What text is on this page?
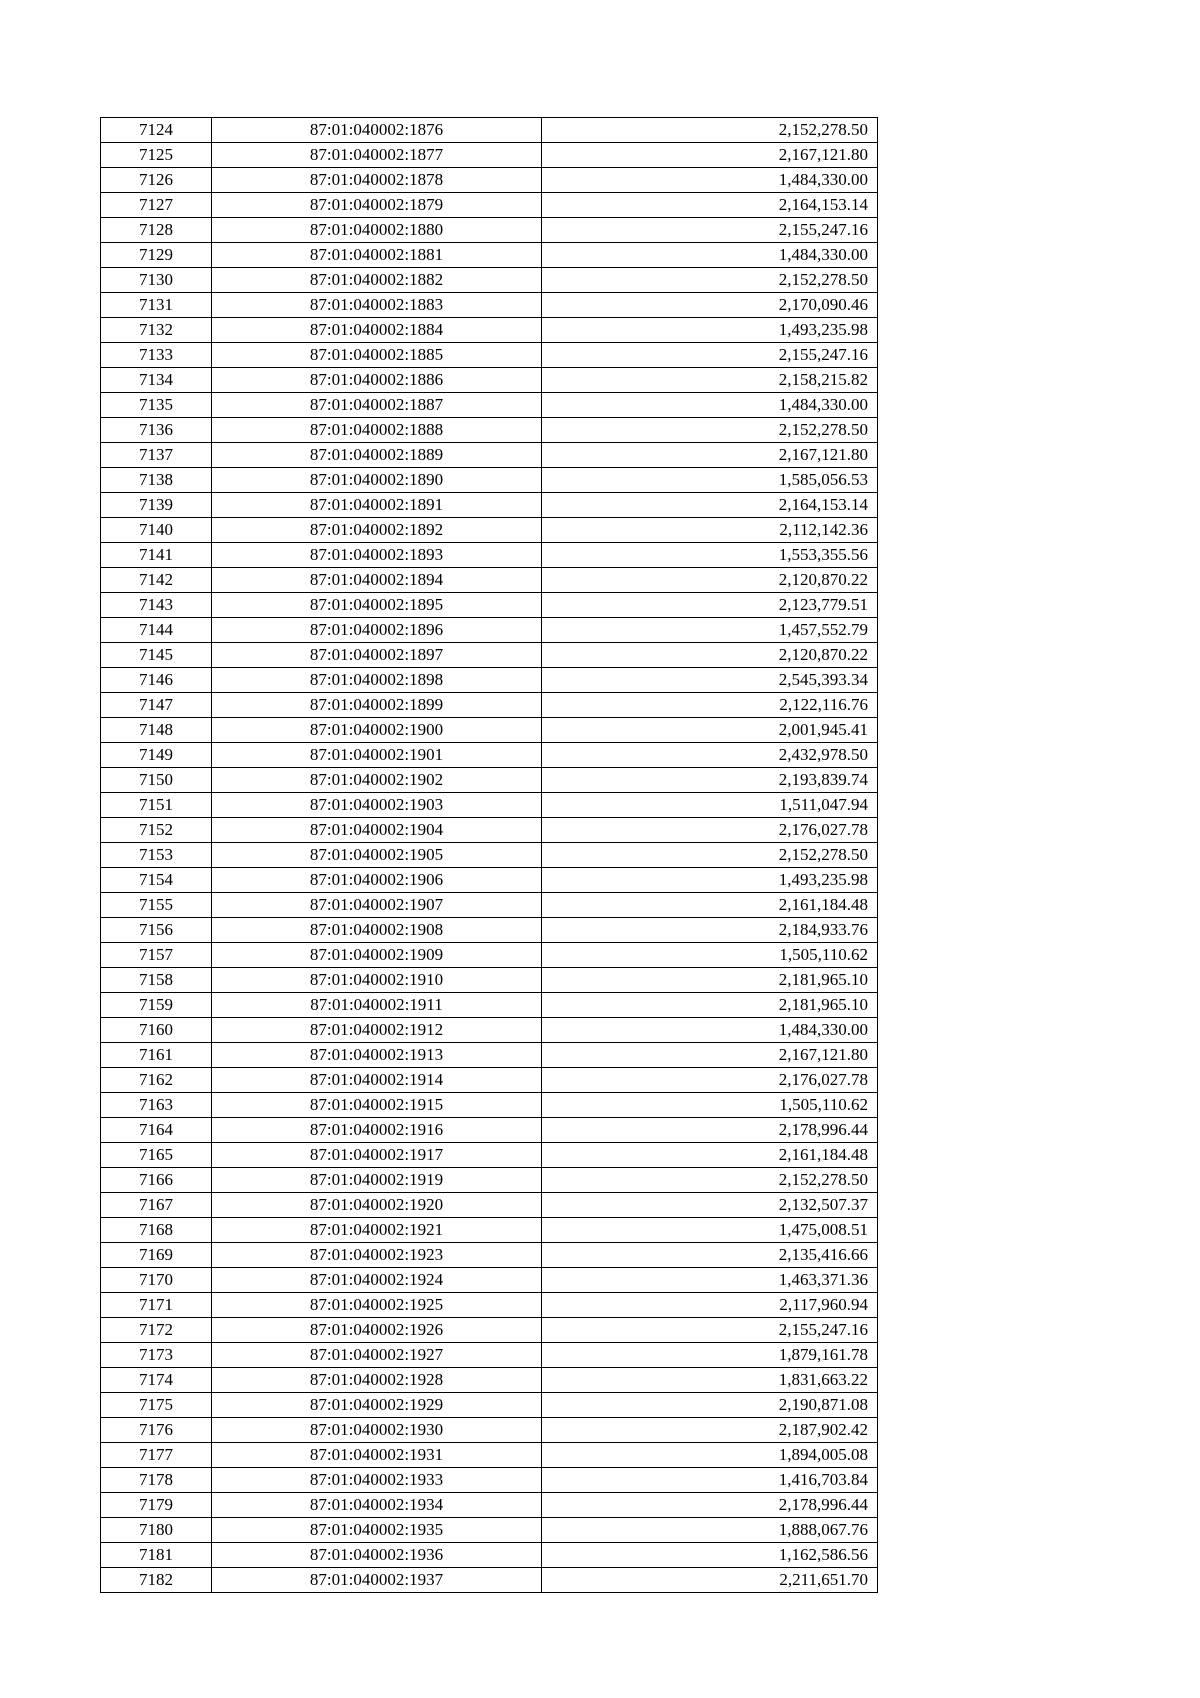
7124	87:01:040002:1876	2,152,278.50
7125	87:01:040002:1877	2,167,121.80
7126	87:01:040002:1878	1,484,330.00
7127	87:01:040002:1879	2,164,153.14
7128	87:01:040002:1880	2,155,247.16
7129	87:01:040002:1881	1,484,330.00
7130	87:01:040002:1882	2,152,278.50
7131	87:01:040002:1883	2,170,090.46
7132	87:01:040002:1884	1,493,235.98
7133	87:01:040002:1885	2,155,247.16
7134	87:01:040002:1886	2,158,215.82
7135	87:01:040002:1887	1,484,330.00
7136	87:01:040002:1888	2,152,278.50
7137	87:01:040002:1889	2,167,121.80
7138	87:01:040002:1890	1,585,056.53
7139	87:01:040002:1891	2,164,153.14
7140	87:01:040002:1892	2,112,142.36
7141	87:01:040002:1893	1,553,355.56
7142	87:01:040002:1894	2,120,870.22
7143	87:01:040002:1895	2,123,779.51
7144	87:01:040002:1896	1,457,552.79
7145	87:01:040002:1897	2,120,870.22
7146	87:01:040002:1898	2,545,393.34
7147	87:01:040002:1899	2,122,116.76
7148	87:01:040002:1900	2,001,945.41
7149	87:01:040002:1901	2,432,978.50
7150	87:01:040002:1902	2,193,839.74
7151	87:01:040002:1903	1,511,047.94
7152	87:01:040002:1904	2,176,027.78
7153	87:01:040002:1905	2,152,278.50
7154	87:01:040002:1906	1,493,235.98
7155	87:01:040002:1907	2,161,184.48
7156	87:01:040002:1908	2,184,933.76
7157	87:01:040002:1909	1,505,110.62
7158	87:01:040002:1910	2,181,965.10
7159	87:01:040002:1911	2,181,965.10
7160	87:01:040002:1912	1,484,330.00
7161	87:01:040002:1913	2,167,121.80
7162	87:01:040002:1914	2,176,027.78
7163	87:01:040002:1915	1,505,110.62
7164	87:01:040002:1916	2,178,996.44
7165	87:01:040002:1917	2,161,184.48
7166	87:01:040002:1919	2,152,278.50
7167	87:01:040002:1920	2,132,507.37
7168	87:01:040002:1921	1,475,008.51
7169	87:01:040002:1923	2,135,416.66
7170	87:01:040002:1924	1,463,371.36
7171	87:01:040002:1925	2,117,960.94
7172	87:01:040002:1926	2,155,247.16
7173	87:01:040002:1927	1,879,161.78
7174	87:01:040002:1928	1,831,663.22
7175	87:01:040002:1929	2,190,871.08
7176	87:01:040002:1930	2,187,902.42
7177	87:01:040002:1931	1,894,005.08
7178	87:01:040002:1933	1,416,703.84
7179	87:01:040002:1934	2,178,996.44
7180	87:01:040002:1935	1,888,067.76
7181	87:01:040002:1936	1,162,586.56
7182	87:01:040002:1937	2,211,651.70
